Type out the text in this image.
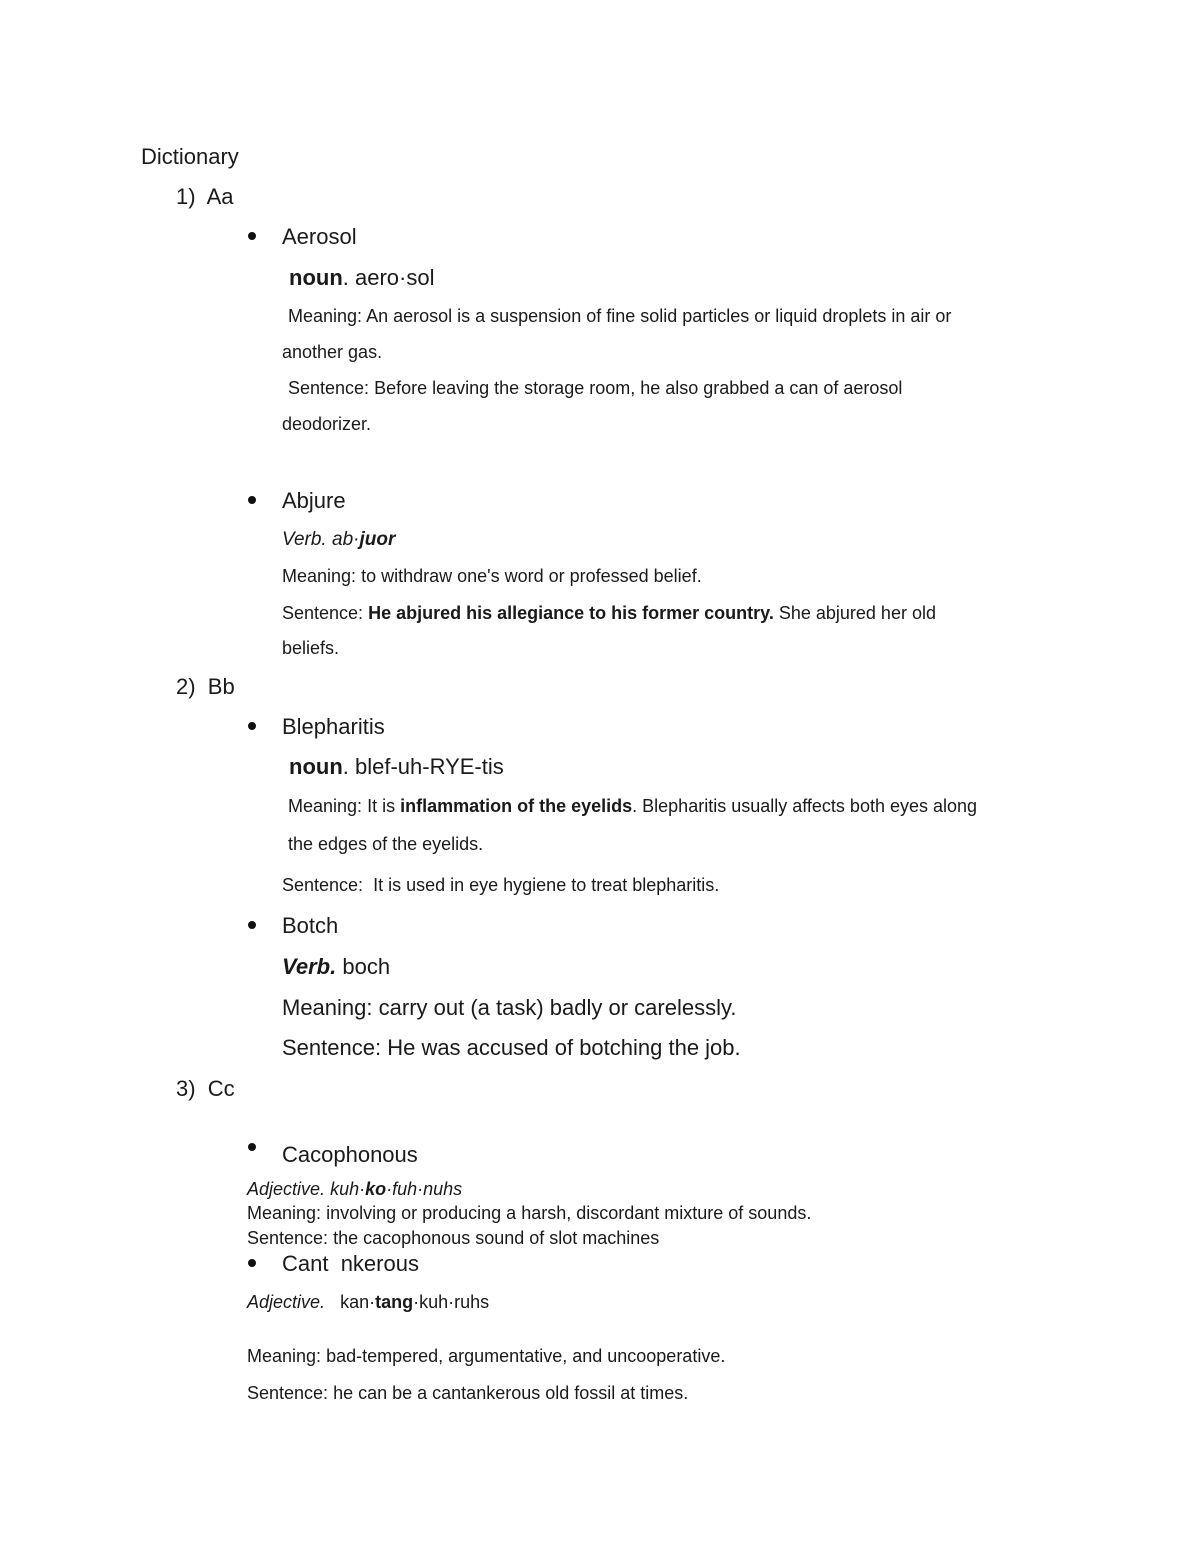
Dictionary
1) Aa
Aerosol
noun. aero·sol
Meaning: An aerosol is a suspension of fine solid particles or liquid droplets in air or
another gas.
Sentence: Before leaving the storage room, he also grabbed a can of aerosol
deodorizer.
Abjure
Verb. ab·juor
Meaning: to withdraw one's word or professed belief.
Sentence: He abjured his allegiance to his former country. She abjured her old
beliefs.
2) Bb
Blepharitis
noun. blef-uh-RYE-tis
Meaning: It is inflammation of the eyelids. Blepharitis usually affects both eyes along
the edges of the eyelids.
Sentence: It is used in eye hygiene to treat blepharitis.
Botch
Verb. boch
Meaning: carry out (a task) badly or carelessly.
Sentence: He was accused of botching the job.
3) Cc
Cacophonous
Adjective. kuh·ko·fuh·nuhs
Meaning: involving or producing a harsh, discordant mixture of sounds.
Sentence: the cacophonous sound of slot machines
Cant  nkerous
Adjective. kan·tang·kuh·ruhs
Meaning: bad-tempered, argumentative, and uncooperative.
Sentence: he can be a cantankerous old fossil at times.
